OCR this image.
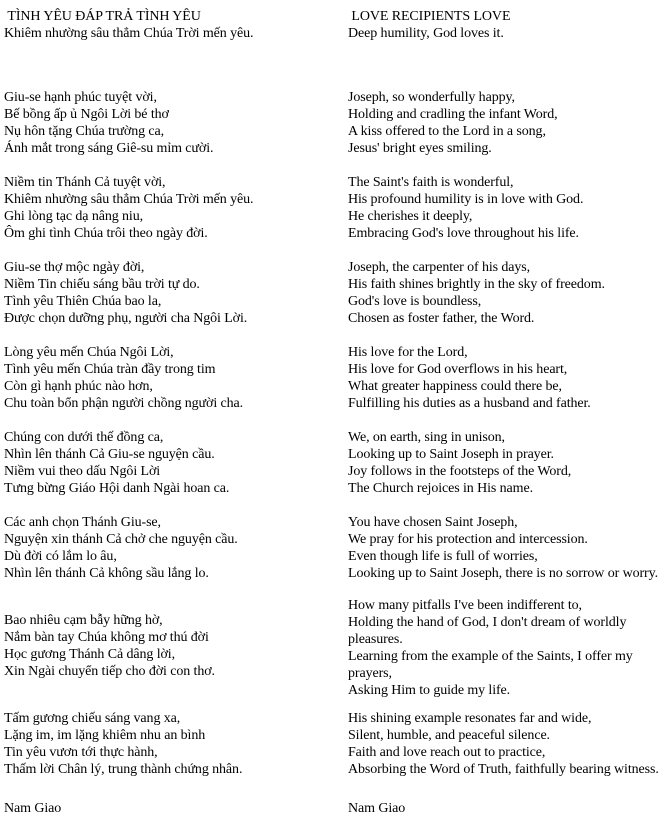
TÌNH YÊU ĐÁP TRẢ TÌNH YÊU
Khiêm nhường sâu thẳm Chúa Trời mến yêu.
Giu-se hạnh phúc tuyệt vời,
Bế bồng ấp ủ Ngôi Lời bé thơ
Nụ hôn tặng Chúa trường ca,
Ánh mắt trong sáng Giê-su mỉm cười.
Niềm tin Thánh Cả tuyệt vời,
Khiêm nhường sâu thẳm Chúa Trời mến yêu.
Ghi lòng tạc dạ nâng niu,
Ôm ghi tình Chúa trôi theo ngày đời.
Giu-se thợ mộc ngày đời,
Niềm Tin chiếu sáng bầu trời tự do.
Tình yêu Thiên Chúa bao la,
Được chọn dưỡng phụ, người cha Ngôi Lời.
Lòng yêu mến Chúa Ngôi Lời,
Tình yêu mến Chúa tràn đầy trong tim
Còn gì hạnh phúc nào hơn,
Chu toàn bổn phận người chồng người cha.
Chúng con dưới thế đồng ca,
Nhìn lên thánh Cả Giu-se nguyện cầu.
Niềm vui theo dấu Ngôi Lời
Tưng bừng Giáo Hội danh Ngài hoan ca.
Các anh chọn Thánh Giu-se,
Nguyện xin thánh Cả chở che nguyện cầu.
Dù đời có lắm lo âu,
Nhìn lên thánh Cả không sầu lắng lo.
Bao nhiêu cạm bẫy hững hờ,
Nắm bàn tay Chúa không mơ thú đời
Học gương Thánh Cả dâng lời,
Xin Ngài chuyển tiếp cho đời con thơ.
Tấm gương chiếu sáng vang xa,
Lặng im, im lặng khiêm nhu an bình
Tin yêu vươn tới thực hành,
Thấm lời Chân lý, trung thành chứng nhân.
Nam Giao
LOVE RECIPIENTS LOVE
Deep humility, God loves it.
Joseph, so wonderfully happy,
Holding and cradling the infant Word,
A kiss offered to the Lord in a song,
Jesus' bright eyes smiling.
The Saint's faith is wonderful,
His profound humility is in love with God.
He cherishes it deeply,
Embracing God's love throughout his life.
Joseph, the carpenter of his days,
His faith shines brightly in the sky of freedom.
God's love is boundless,
Chosen as foster father, the Word.
His love for the Lord,
His love for God overflows in his heart,
What greater happiness could there be,
Fulfilling his duties as a husband and father.
We, on earth, sing in unison,
Looking up to Saint Joseph in prayer.
Joy follows in the footsteps of the Word,
The Church rejoices in His name.
You have chosen Saint Joseph,
We pray for his protection and intercession.
Even though life is full of worries,
Looking up to Saint Joseph, there is no sorrow or worry.
How many pitfalls I've been indifferent to,
Holding the hand of God, I don't dream of worldly pleasures.
Learning from the example of the Saints, I offer my prayers,
Asking Him to guide my life.
His shining example resonates far and wide,
Silent, humble, and peaceful silence.
Faith and love reach out to practice,
Absorbing the Word of Truth, faithfully bearing witness.
Nam Giao
